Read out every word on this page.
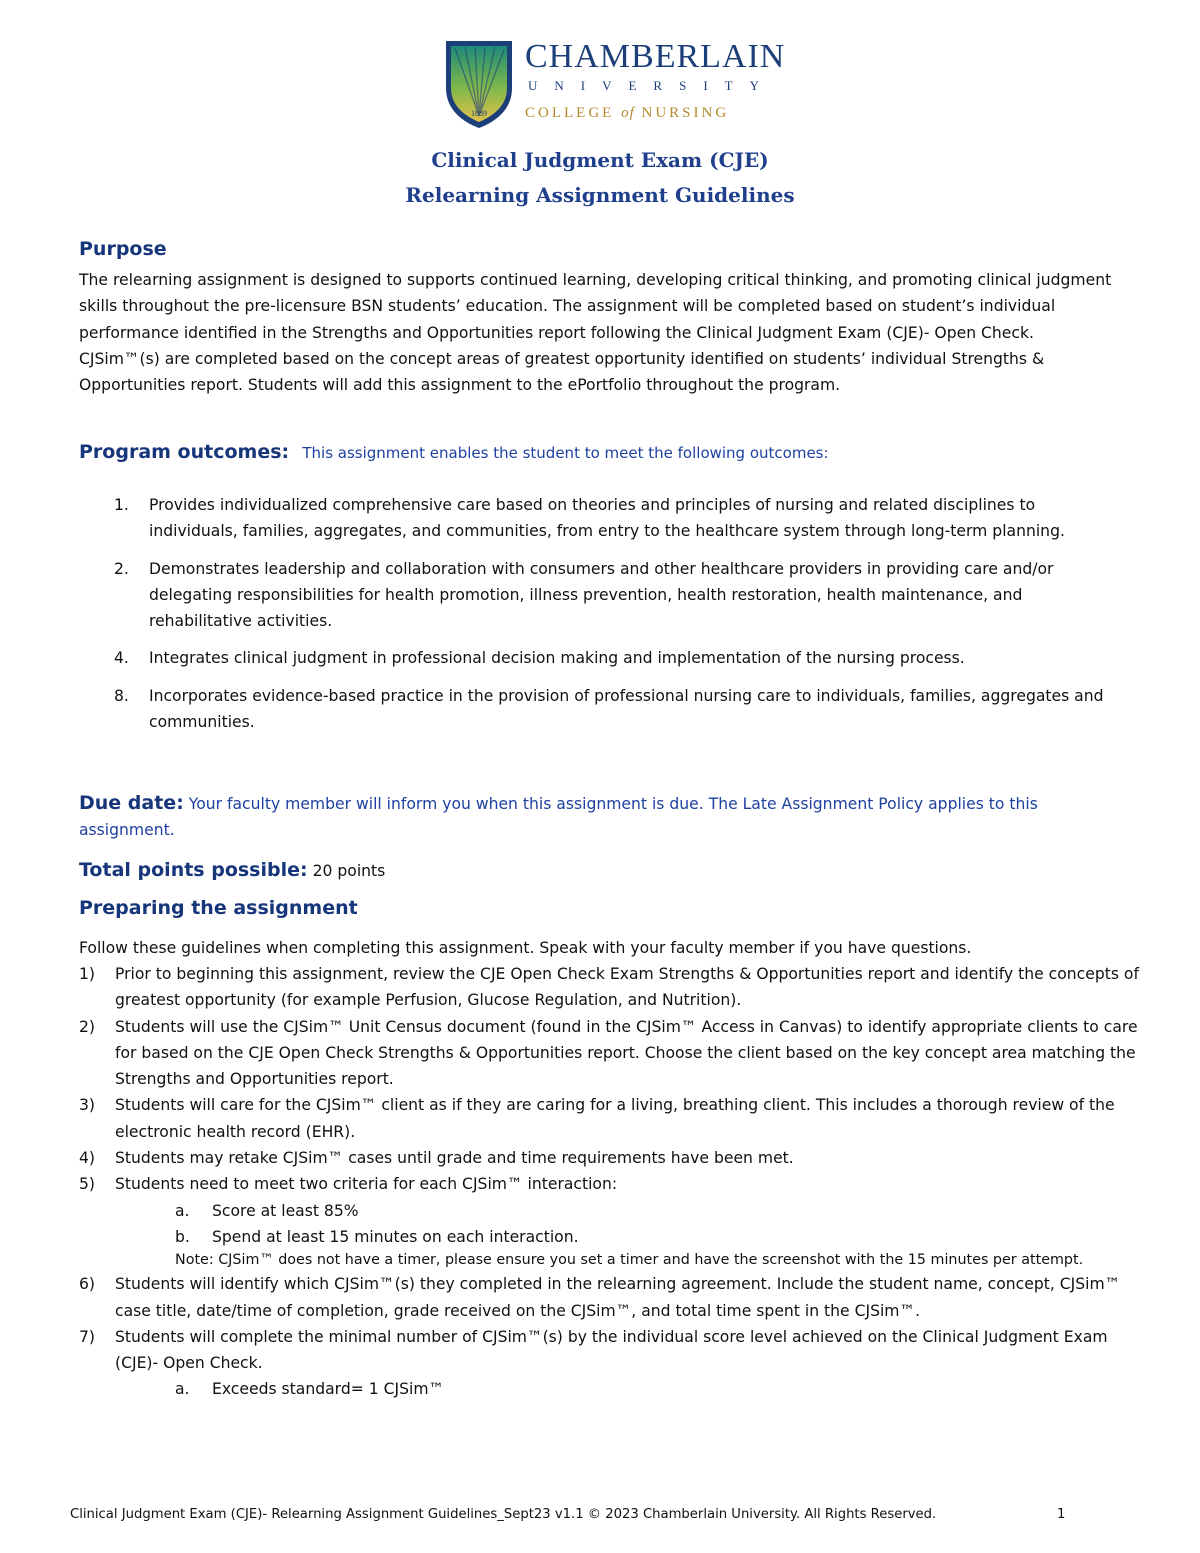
1889
CHAMBERLAIN
UNIVERSITY
COLLEGE of NURSING
Clinical Judgment Exam (CJE)
Relearning Assignment Guidelines
Purpose

The relearning assignment is designed to supports continued learning, developing critical thinking, and promoting clinical judgment skills throughout the pre-licensure BSN students’ education. The assignment will be completed based on student’s individual performance identified in the Strengths and Opportunities report following the Clinical Judgment Exam (CJE)- Open Check. CJSim™(s) are completed based on the concept areas of greatest opportunity identified on students’ individual Strengths & Opportunities report. Students will add this assignment to the ePortfolio throughout the program.

Program outcomes: This assignment enables the student to meet the following outcomes:
1. Provides individualized comprehensive care based on theories and principles of nursing and related disciplines to individuals, families, aggregates, and communities, from entry to the healthcare system through long-term planning.
2. Demonstrates leadership and collaboration with consumers and other healthcare providers in providing care and/or delegating responsibilities for health promotion, illness prevention, health restoration, health maintenance, and rehabilitative activities.
4. Integrates clinical judgment in professional decision making and implementation of the nursing process.
8. Incorporates evidence-based practice in the provision of professional nursing care to individuals, families, aggregates and communities.

Due date: Your faculty member will inform you when this assignment is due. The Late Assignment Policy applies to this assignment.

Total points possible: 20 points

Preparing the assignment

Follow these guidelines when completing this assignment. Speak with your faculty member if you have questions.

1) Prior to beginning this assignment, review the CJE Open Check Exam Strengths & Opportunities report and identify the concepts of greatest opportunity (for example Perfusion, Glucose Regulation, and Nutrition).
2) Students will use the CJSim™ Unit Census document (found in the CJSim™ Access in Canvas) to identify appropriate clients to care for based on the CJE Open Check Strengths & Opportunities report. Choose the client based on the key concept area matching the Strengths and Opportunities report.
3) Students will care for the CJSim™ client as if they are caring for a living, breathing client. This includes a thorough review of the electronic health record (EHR).
4) Students may retake CJSim™ cases until grade and time requirements have been met.
5) Students need to meet two criteria for each CJSim™ interaction:
a. Score at least 85%
b. Spend at least 15 minutes on each interaction.
Note: CJSim™ does not have a timer, please ensure you set a timer and have the screenshot with the 15 minutes per attempt.
6) Students will identify which CJSim™(s) they completed in the relearning agreement. Include the student name, concept, CJSim™ case title, date/time of completion, grade received on the CJSim™, and total time spent in the CJSim™.
7) Students will complete the minimal number of CJSim™(s) by the individual score level achieved on the Clinical Judgment Exam (CJE)- Open Check.
a. Exceeds standard= 1 CJSim™
Clinical Judgment Exam (CJE)- Relearning Assignment Guidelines_Sept23 v1.1 © 2023 Chamberlain University. All Rights Reserved.	1
